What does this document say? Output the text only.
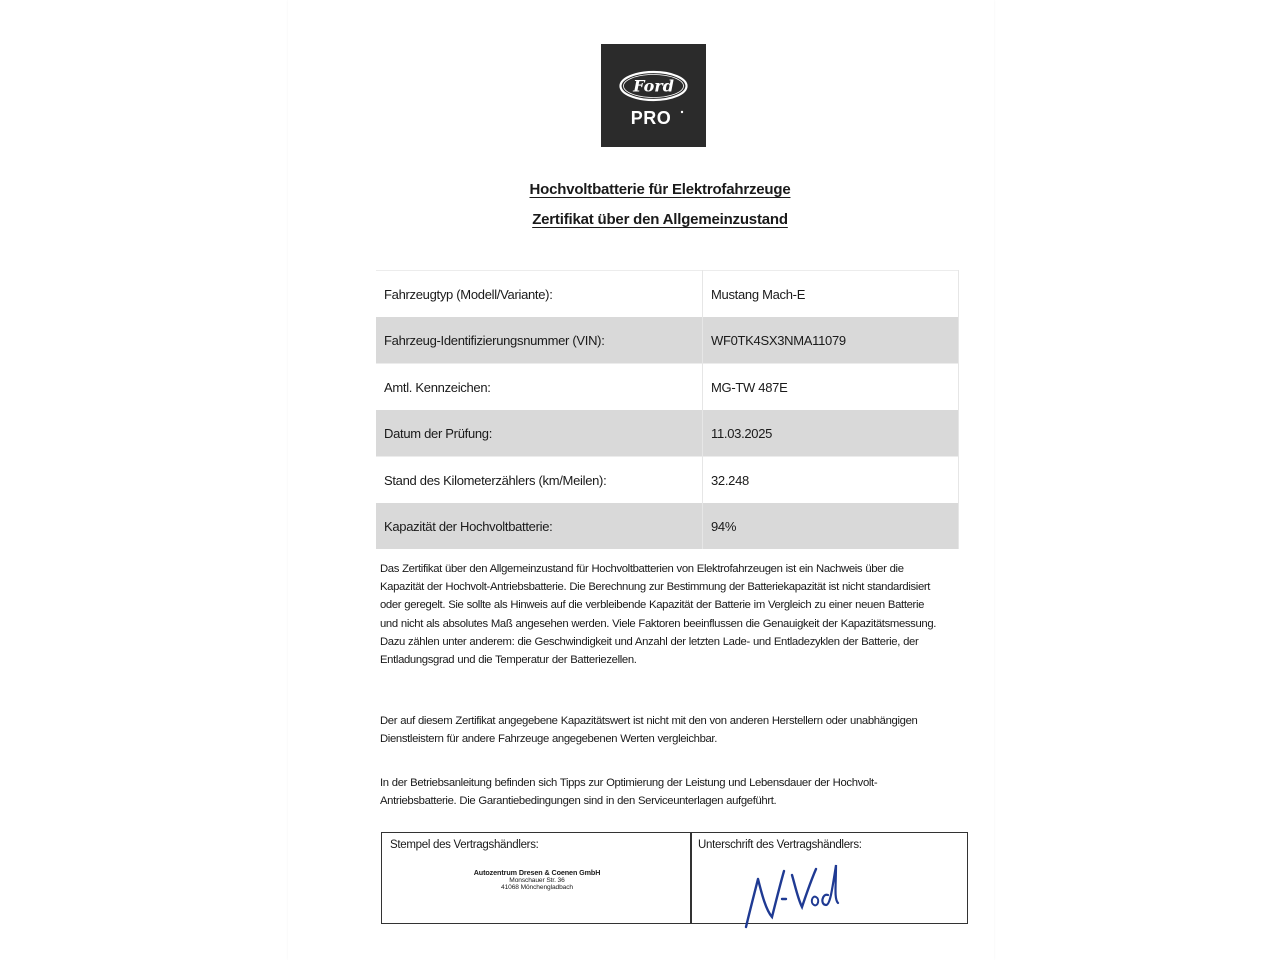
Ford
PRO
Hochvoltbatterie für Elektrofahrzeuge
Zertifikat über den Allgemeinzustand
Fahrzeugtyp (Modell/Variante):	Mustang Mach-E
Fahrzeug-Identifizierungsnummer (VIN):	WF0TK4SX3NMA11079
Amtl. Kennzeichen:	MG-TW 487E
Datum der Prüfung:	11.03.2025
Stand des Kilometerzählers (km/Meilen):	32.248
Kapazität der Hochvoltbatterie:	94%

Das Zertifikat über den Allgemeinzustand für Hochvoltbatterien von Elektrofahrzeugen ist ein Nachweis über die Kapazität der Hochvolt-Antriebsbatterie. Die Berechnung zur Bestimmung der Batteriekapazität ist nicht standardisiert oder geregelt. Sie sollte als Hinweis auf die verbleibende Kapazität der Batterie im Vergleich zu einer neuen Batterie und nicht als absolutes Maß angesehen werden. Viele Faktoren beeinflussen die Genauigkeit der Kapazitätsmessung. Dazu zählen unter anderem: die Geschwindigkeit und Anzahl der letzten Lade- und Entladezyklen der Batterie, der Entladungsgrad und die Temperatur der Batteriezellen.

Der auf diesem Zertifikat angegebene Kapazitätswert ist nicht mit den von anderen Herstellern oder unabhängigen Dienstleistern für andere Fahrzeuge angegebenen Werten vergleichbar.

In der Betriebsanleitung befinden sich Tipps zur Optimierung der Leistung und Lebensdauer der Hochvolt-Antriebsbatterie. Die Garantiebedingungen sind in den Serviceunterlagen aufgeführt.

Stempel des Vertragshändlers:	Unterschrift des Vertragshändlers:
Autozentrum Dresen & Coenen GmbH
Monschauer Str. 36
41068 Mönchengladbach
